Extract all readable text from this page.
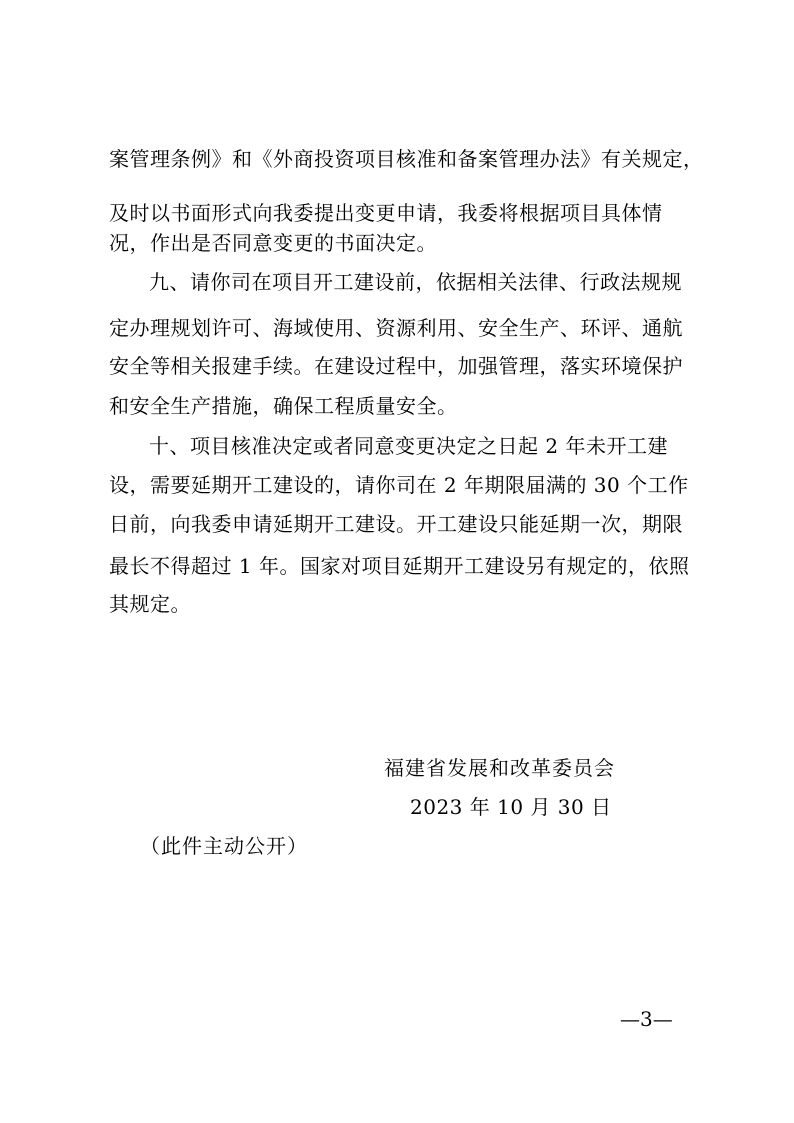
案管理条例》和《外商投资项目核准和备案管理办法》有关规定，
及时以书面形式向我委提出变更申请，我委将根据项目具体情
况，作出是否同意变更的书面决定。
九、请你司在项目开工建设前，依据相关法律、行政法规规
定办理规划许可、海域使用、资源利用、安全生产、环评、通航
安全等相关报建手续。在建设过程中，加强管理，落实环境保护
和安全生产措施，确保工程质量安全。
十、项目核准决定或者同意变更决定之日起 2 年未开工建
设，需要延期开工建设的，请你司在 2 年期限届满的 30 个工作
日前，向我委申请延期开工建设。开工建设只能延期一次，期限
最长不得超过 1 年。国家对项目延期开工建设另有规定的，依照
其规定。
福建省发展和改革委员会
2023 年 10 月 30 日
（此件主动公开）
—3—
